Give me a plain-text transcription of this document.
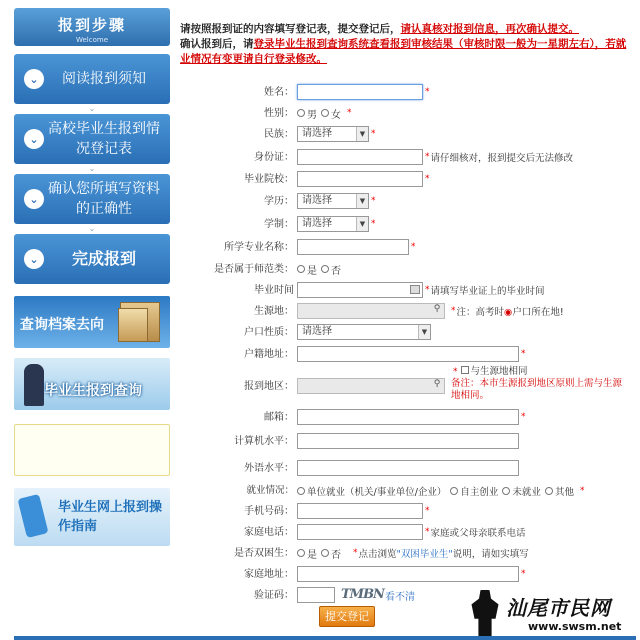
报到步骤
Welcome
⌄	阅读报到须知
⌄
⌄
高校毕业生报到情况登记表
⌄
⌄
确认您所填写资料的正确性
⌄
⌄	完成报到
查询档案去向
毕业生报到查询
毕业生网上报到操作指南
请按照报到证的内容填写登记表，提交登记后，请认真核对报到信息，再次确认提交。
确认报到后，请登录毕业生报到查询系统查看报到审核结果（审核时限一般为一星期左右），若就业情况有变更请自行登录修改。
姓名：	*
性别： 男 女 *
民族： 请选择	▼ *
身份证：	* 请仔细核对，报到提交后无法修改
毕业院校：	*
学历： 请选择	▼ *
学制： 请选择	▼ *
所学专业名称：	*
是否属于师范类： 是 否
毕业时间	* 请填写毕业证上的毕业时间
生源地：	⚲	* 注：高考时◉户口所在地!
户口性质： 请选择	▼
户籍地址：	*
报到地区：	⚲
* 与生源地相同
备注：本市生源报到地区原则上需与生源地相同。
邮箱：	*
计算机水平：
外语水平：
就业情况： 单位就业（机关/事业单位/企业） 自主创业 未就业 其他 *
手机号码：	*
家庭电话：	* 家庭或父母亲联系电话
是否双困生： 是 否 * 点击浏览"双困毕业生"说明，请如实填写
家庭地址：	*
验证码：	TMBN 看不清
提交登记	汕尾市民网
www.swsm.net
